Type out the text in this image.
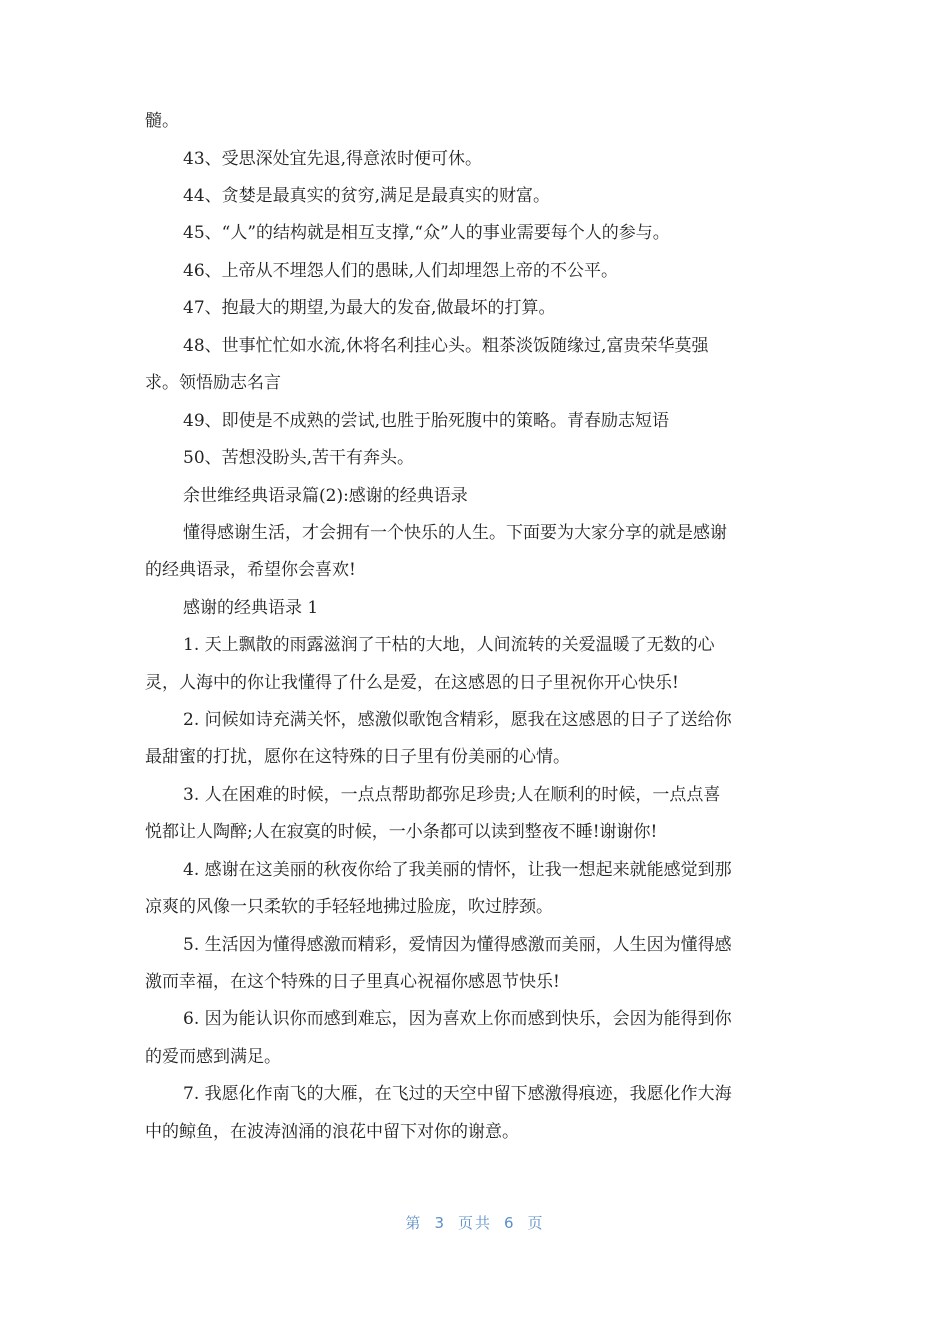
髓。
43、受思深处宜先退,得意浓时便可休。
44、贪婪是最真实的贫穷,满足是最真实的财富。
45、“人”的结构就是相互支撑,“众”人的事业需要每个人的参与。
46、上帝从不埋怨人们的愚昧,人们却埋怨上帝的不公平。
47、抱最大的期望,为最大的发奋,做最坏的打算。
48、世事忙忙如水流,休将名利挂心头。粗茶淡饭随缘过,富贵荣华莫强
求。领悟励志名言
49、即使是不成熟的尝试,也胜于胎死腹中的策略。青春励志短语
50、苦想没盼头,苦干有奔头。
余世维经典语录篇(2):感谢的经典语录
懂得感谢生活，才会拥有一个快乐的人生。下面要为大家分享的就是感谢
的经典语录，希望你会喜欢!
感谢的经典语录 1
1. 天上飘散的雨露滋润了干枯的大地，人间流转的关爱温暖了无数的心
灵，人海中的你让我懂得了什么是爱，在这感恩的日子里祝你开心快乐!
2. 问候如诗充满关怀，感激似歌饱含精彩，愿我在这感恩的日子了送给你
最甜蜜的打扰，愿你在这特殊的日子里有份美丽的心情。
3. 人在困难的时候，一点点帮助都弥足珍贵;人在顺利的时候，一点点喜
悦都让人陶醉;人在寂寞的时候，一小条都可以读到整夜不睡!谢谢你!
4. 感谢在这美丽的秋夜你给了我美丽的情怀，让我一想起来就能感觉到那
凉爽的风像一只柔软的手轻轻地拂过脸庞，吹过脖颈。
5. 生活因为懂得感激而精彩，爱情因为懂得感激而美丽，人生因为懂得感
激而幸福，在这个特殊的日子里真心祝福你感恩节快乐!
6. 因为能认识你而感到难忘，因为喜欢上你而感到快乐，会因为能得到你
的爱而感到满足。
7. 我愿化作南飞的大雁，在飞过的天空中留下感激得痕迹，我愿化作大海
中的鲸鱼，在波涛汹涌的浪花中留下对你的谢意。
第 3 页共 6 页
